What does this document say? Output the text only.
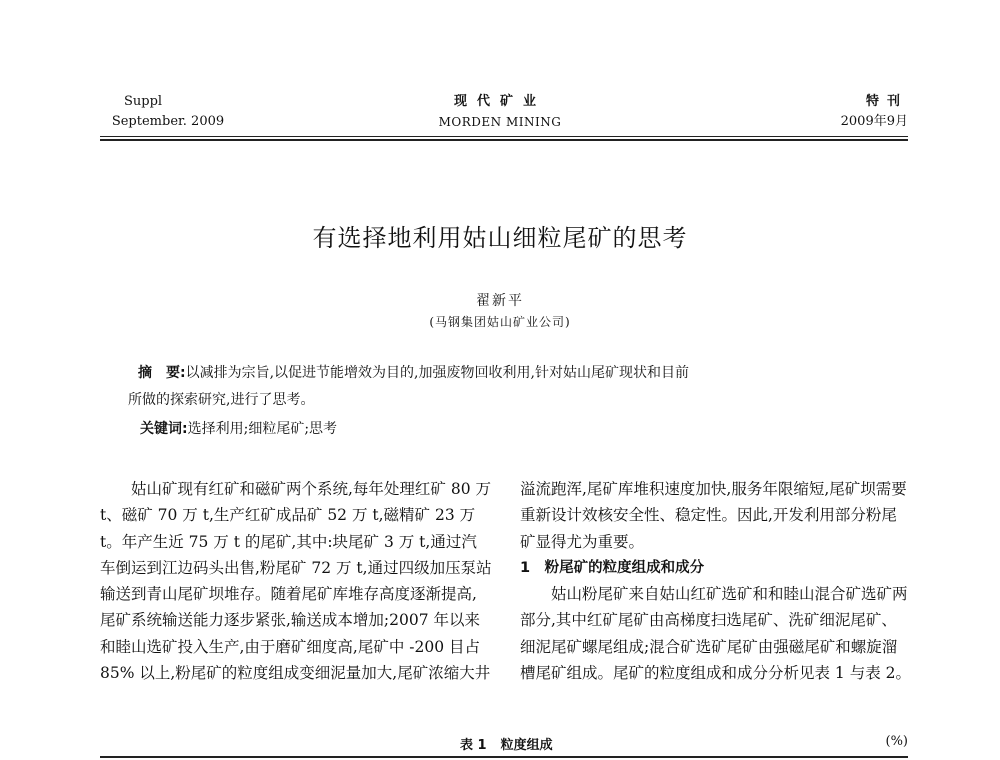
Suppl
September. 2009
现代矿业
MORDEN MINING
特刊
2009年9月
有选择地利用姑山细粒尾矿的思考
翟新平
(马钢集团姑山矿业公司)
摘　要:以减排为宗旨,以促进节能增效为目的,加强废物回收利用,针对姑山尾矿现状和目前
所做的探索研究,进行了思考。
关键词:选择利用;细粒尾矿;思考

姑山矿现有红矿和磁矿两个系统,每年处理红矿 80 万 t、磁矿 70 万 t,生产红矿成品矿 52 万 t,磁精矿 23 万 t。年产生近 75 万 t 的尾矿,其中:块尾矿 3 万 t,通过汽车倒运到江边码头出售,粉尾矿 72 万 t,通过四级加压泵站输送到青山尾矿坝堆存。随着尾矿库堆存高度逐渐提高,尾矿系统输送能力逐步紧张,输送成本增加;2007 年以来和睦山选矿投入生产,由于磨矿细度高,尾矿中 -200 目占 85% 以上,粉尾矿的粒度组成变细泥量加大,尾矿浓缩大井

溢流跑浑,尾矿库堆积速度加快,服务年限缩短,尾矿坝需要重新设计效核安全性、稳定性。因此,开发利用部分粉尾矿显得尤为重要。

1　粉尾矿的粒度组成和成分

姑山粉尾矿来自姑山红矿选矿和和睦山混合矿选矿两部分,其中红矿尾矿由高梯度扫选尾矿、洗矿细泥尾矿、细泥尾矿螺尾组成;混合矿选矿尾矿由强磁尾矿和螺旋溜槽尾矿组成。尾矿的粒度组成和成分分析见表 1 与表 2。

表 1 粒度组成	(%)
